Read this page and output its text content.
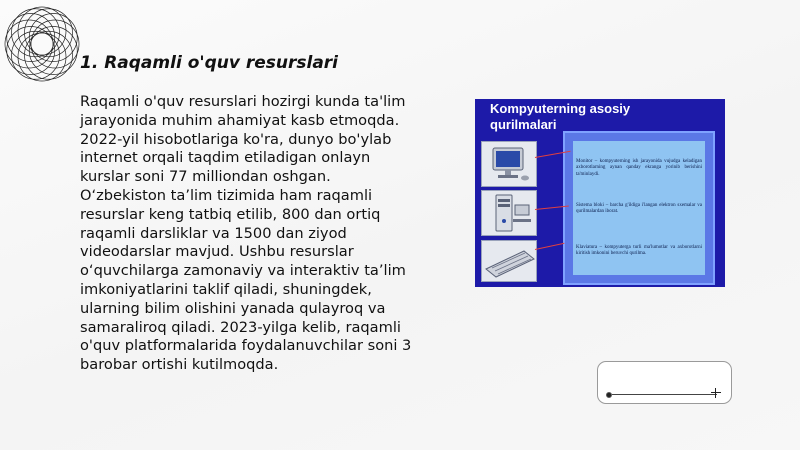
1. Raqamli o'quv resurslari

Raqamli o'quv resurslari hozirgi kunda ta'lim
jarayonida muhim ahamiyat kasb etmoqda.
2022-yil hisobotlariga ko'ra, dunyo bo'ylab
internet orqali taqdim etiladigan onlayn
kurslar soni 77 milliondan oshgan.
O‘zbekiston ta’lim tizimida ham raqamli
resurslar keng tatbiq etilib, 800 dan ortiq
raqamli darsliklar va 1500 dan ziyod
videodarslar mavjud. Ushbu resurslar
o‘quvchilarga zamonaviy va interaktiv ta’lim
imkoniyatlarini taklif qiladi, shuningdek,
ularning bilim olishini yanada qulayroq va
samaraliroq qiladi. 2023-yilga kelib, raqamli
o'quv platformalarida foydalanuvchilar soni 3
barobar ortishi kutilmoqda.

Kompyuterning asosiy qurilmalari

Monitor – kompyuterning ish jarayonida vujudga keladigan axborotlarning aynan qanday ekranga yorinib berishini ta'minlaydi.

Sistema bloki – barcha g'ildiga i'langan elektron sxemalar va qurilmalardan iborat.

Klaviatura – kompyuterga turli ma'lumotlar va axborotlarni kiritish imkonini beruvchi qurilma.
